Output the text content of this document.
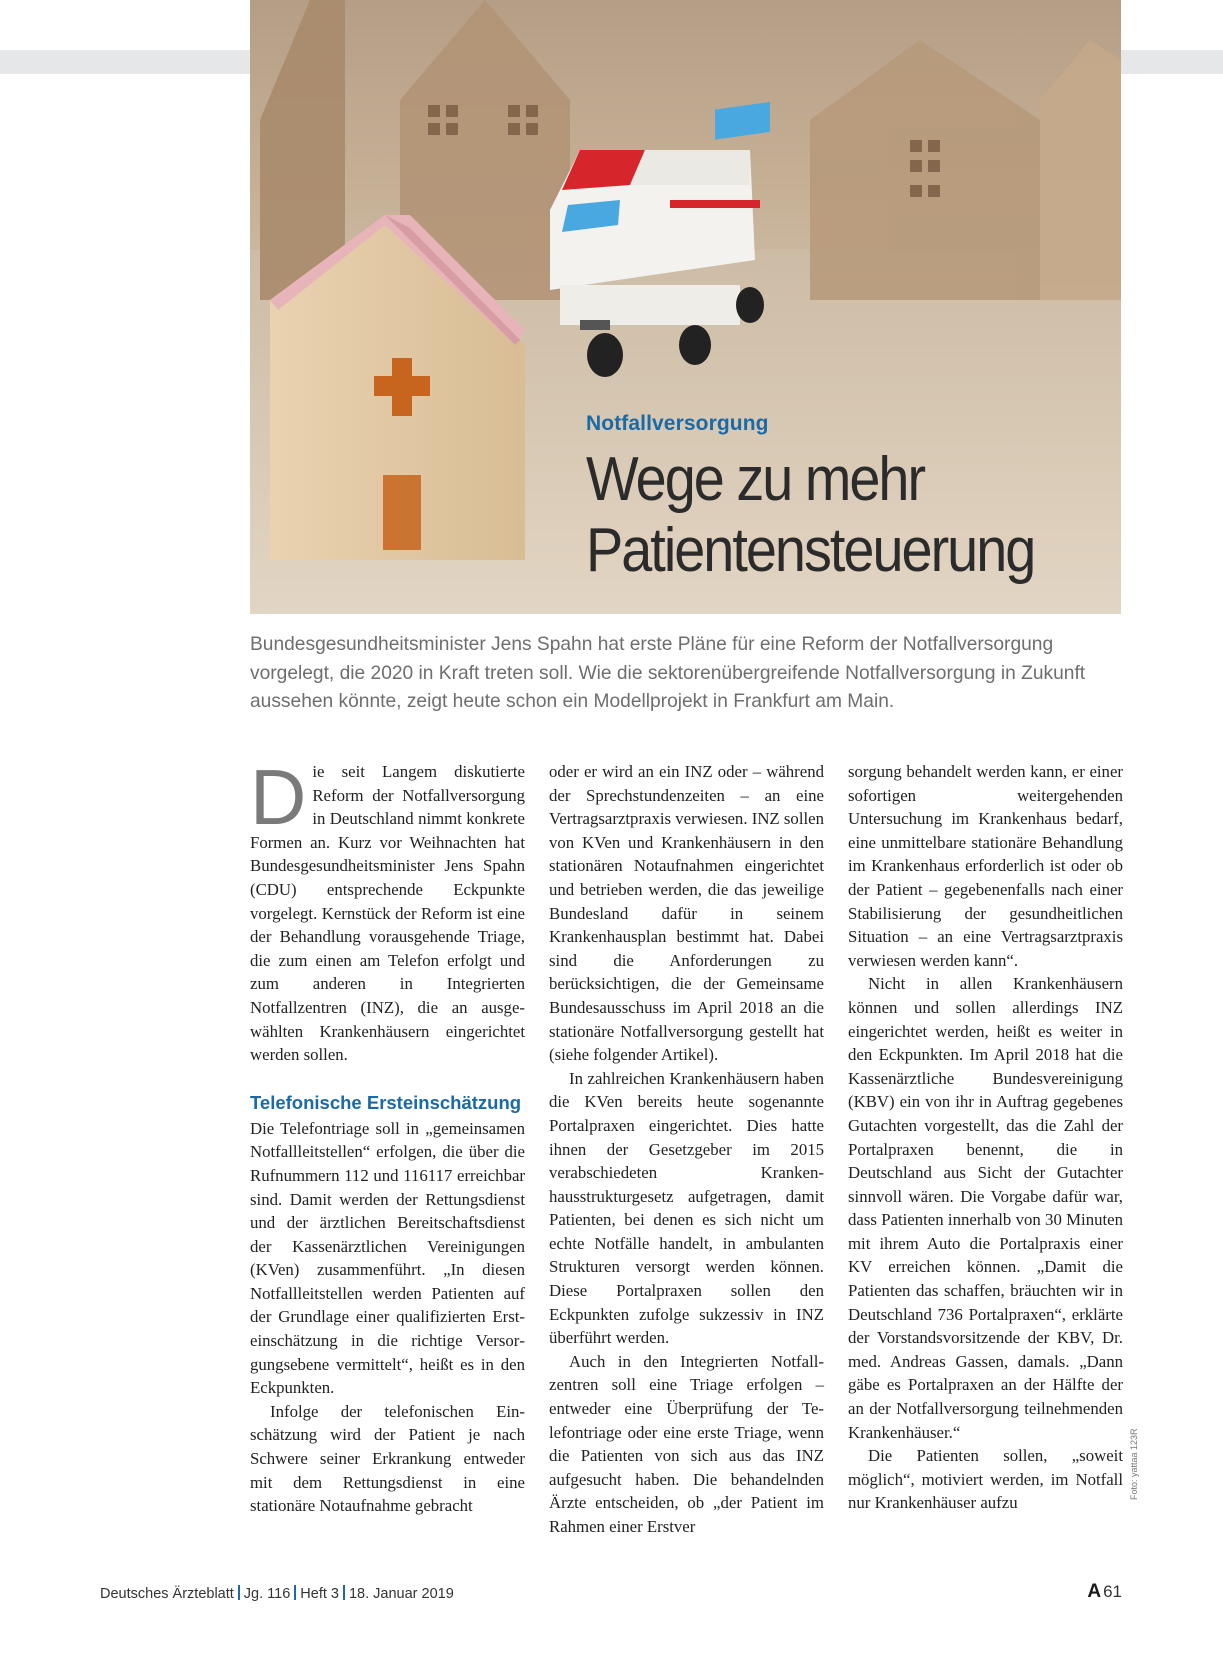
Notfallversorgung
Wege zu mehr
Patientensteuerung

Bundesgesundheitsminister Jens Spahn hat erste Pläne für eine Reform der Notfallversorgung vorgelegt, die 2020 in Kraft treten soll. Wie die sektorenübergreifende Notfallversorgung in Zukunft aussehen könnte, zeigt heute schon ein Modellprojekt in Frankfurt am Main.

D ie seit Langem diskutierte Reform der Notfallversorgung in Deutschland nimmt konkrete Formen an. Kurz vor Weihnachten hat Bundesgesundheitsminister Jens Spahn (CDU) entsprechende Eckpunkte vorgelegt. Kernstück der Reform ist eine der Behandlung vorausgehende Triage, die zum einen am Telefon erfolgt und zum anderen in Integrierten Notfallzentren (INZ), die an ausgewählten Krankenhäusern eingerichtet werden sollen.

Telefonische Ersteinschätzung

Die Telefontriage soll in „gemeinsamen Notfallleitstellen“ erfolgen, die über die Rufnummern 112 und 116117 erreichbar sind. Damit werden der Rettungsdienst und der ärztlichen Bereitschaftsdienst der Kassenärztlichen Vereinigungen (KVen) zusammenführt. „In diesen Notfallleitstellen werden Patienten auf der Grundlage einer qualifizierten Ersteinschätzung in die richtige Versorgungsebene vermittelt“, heißt es in den Eckpunkten.

Infolge der telefonischen Einschätzung wird der Patient je nach Schwere seiner Erkrankung entweder mit dem Rettungsdienst in eine stationäre Notaufnahme gebracht

oder er wird an ein INZ oder – während der Sprechstundenzeiten – an eine Vertragsarztpraxis verwiesen. INZ sollen von KVen und Krankenhäusern in den stationären Notaufnahmen eingerichtet und betrieben werden, die das jeweilige Bundesland dafür in seinem Krankenhausplan bestimmt hat. Dabei sind die Anforderungen zu berücksichtigen, die der Gemeinsame Bundesausschuss im April 2018 an die stationäre Notfallversorgung gestellt hat (siehe folgender Artikel).

In zahlreichen Krankenhäusern haben die KVen bereits heute sogenannte Portalpraxen eingerichtet. Dies hatte ihnen der Gesetzgeber im 2015 verabschiedeten Krankenhausstrukturgesetz aufgetragen, damit Patienten, bei denen es sich nicht um echte Notfälle handelt, in ambulanten Strukturen versorgt werden können. Diese Portalpraxen sollen den Eckpunkten zufolge sukzessiv in INZ überführt werden.

Auch in den Integrierten Notfallzentren soll eine Triage erfolgen – entweder eine Überprüfung der Telefontriage oder eine erste Triage, wenn die Patienten von sich aus das INZ aufgesucht haben. Die behandelnden Ärzte entscheiden, ob „der Patient im Rahmen einer Erstver

sorgung behandelt werden kann, er einer sofortigen weitergehenden Untersuchung im Krankenhaus bedarf, eine unmittelbare stationäre Behandlung im Krankenhaus erforderlich ist oder ob der Patient – gegebenenfalls nach einer Stabilisierung der gesundheitlichen Situation – an eine Vertragsarztpraxis verwiesen werden kann“.

Nicht in allen Krankenhäusern können und sollen allerdings INZ eingerichtet werden, heißt es weiter in den Eckpunkten. Im April 2018 hat die Kassenärztliche Bundesvereinigung (KBV) ein von ihr in Auftrag gegebenes Gutachten vorgestellt, das die Zahl der Portalpraxen benennt, die in Deutschland aus Sicht der Gutachter sinnvoll wären. Die Vorgabe dafür war, dass Patienten innerhalb von 30 Minuten mit ihrem Auto die Portalpraxis einer KV erreichen können. „Damit die Patienten das schaffen, bräuchten wir in Deutschland 736 Portalpraxen“, erklärte der Vorstandsvorsitzende der KBV, Dr. med. Andreas Gassen, damals. „Dann gäbe es Portalpraxen an der Hälfte der an der Notfallversorgung teilnehmenden Krankenhäuser.“

Die Patienten sollen, „soweit möglich“, motiviert werden, im Notfall nur Krankenhäuser aufzu

Foto: yattaa 123R
Deutsches Ärzteblatt Jg. 116 Heft 3 18. Januar 2019	A 61
